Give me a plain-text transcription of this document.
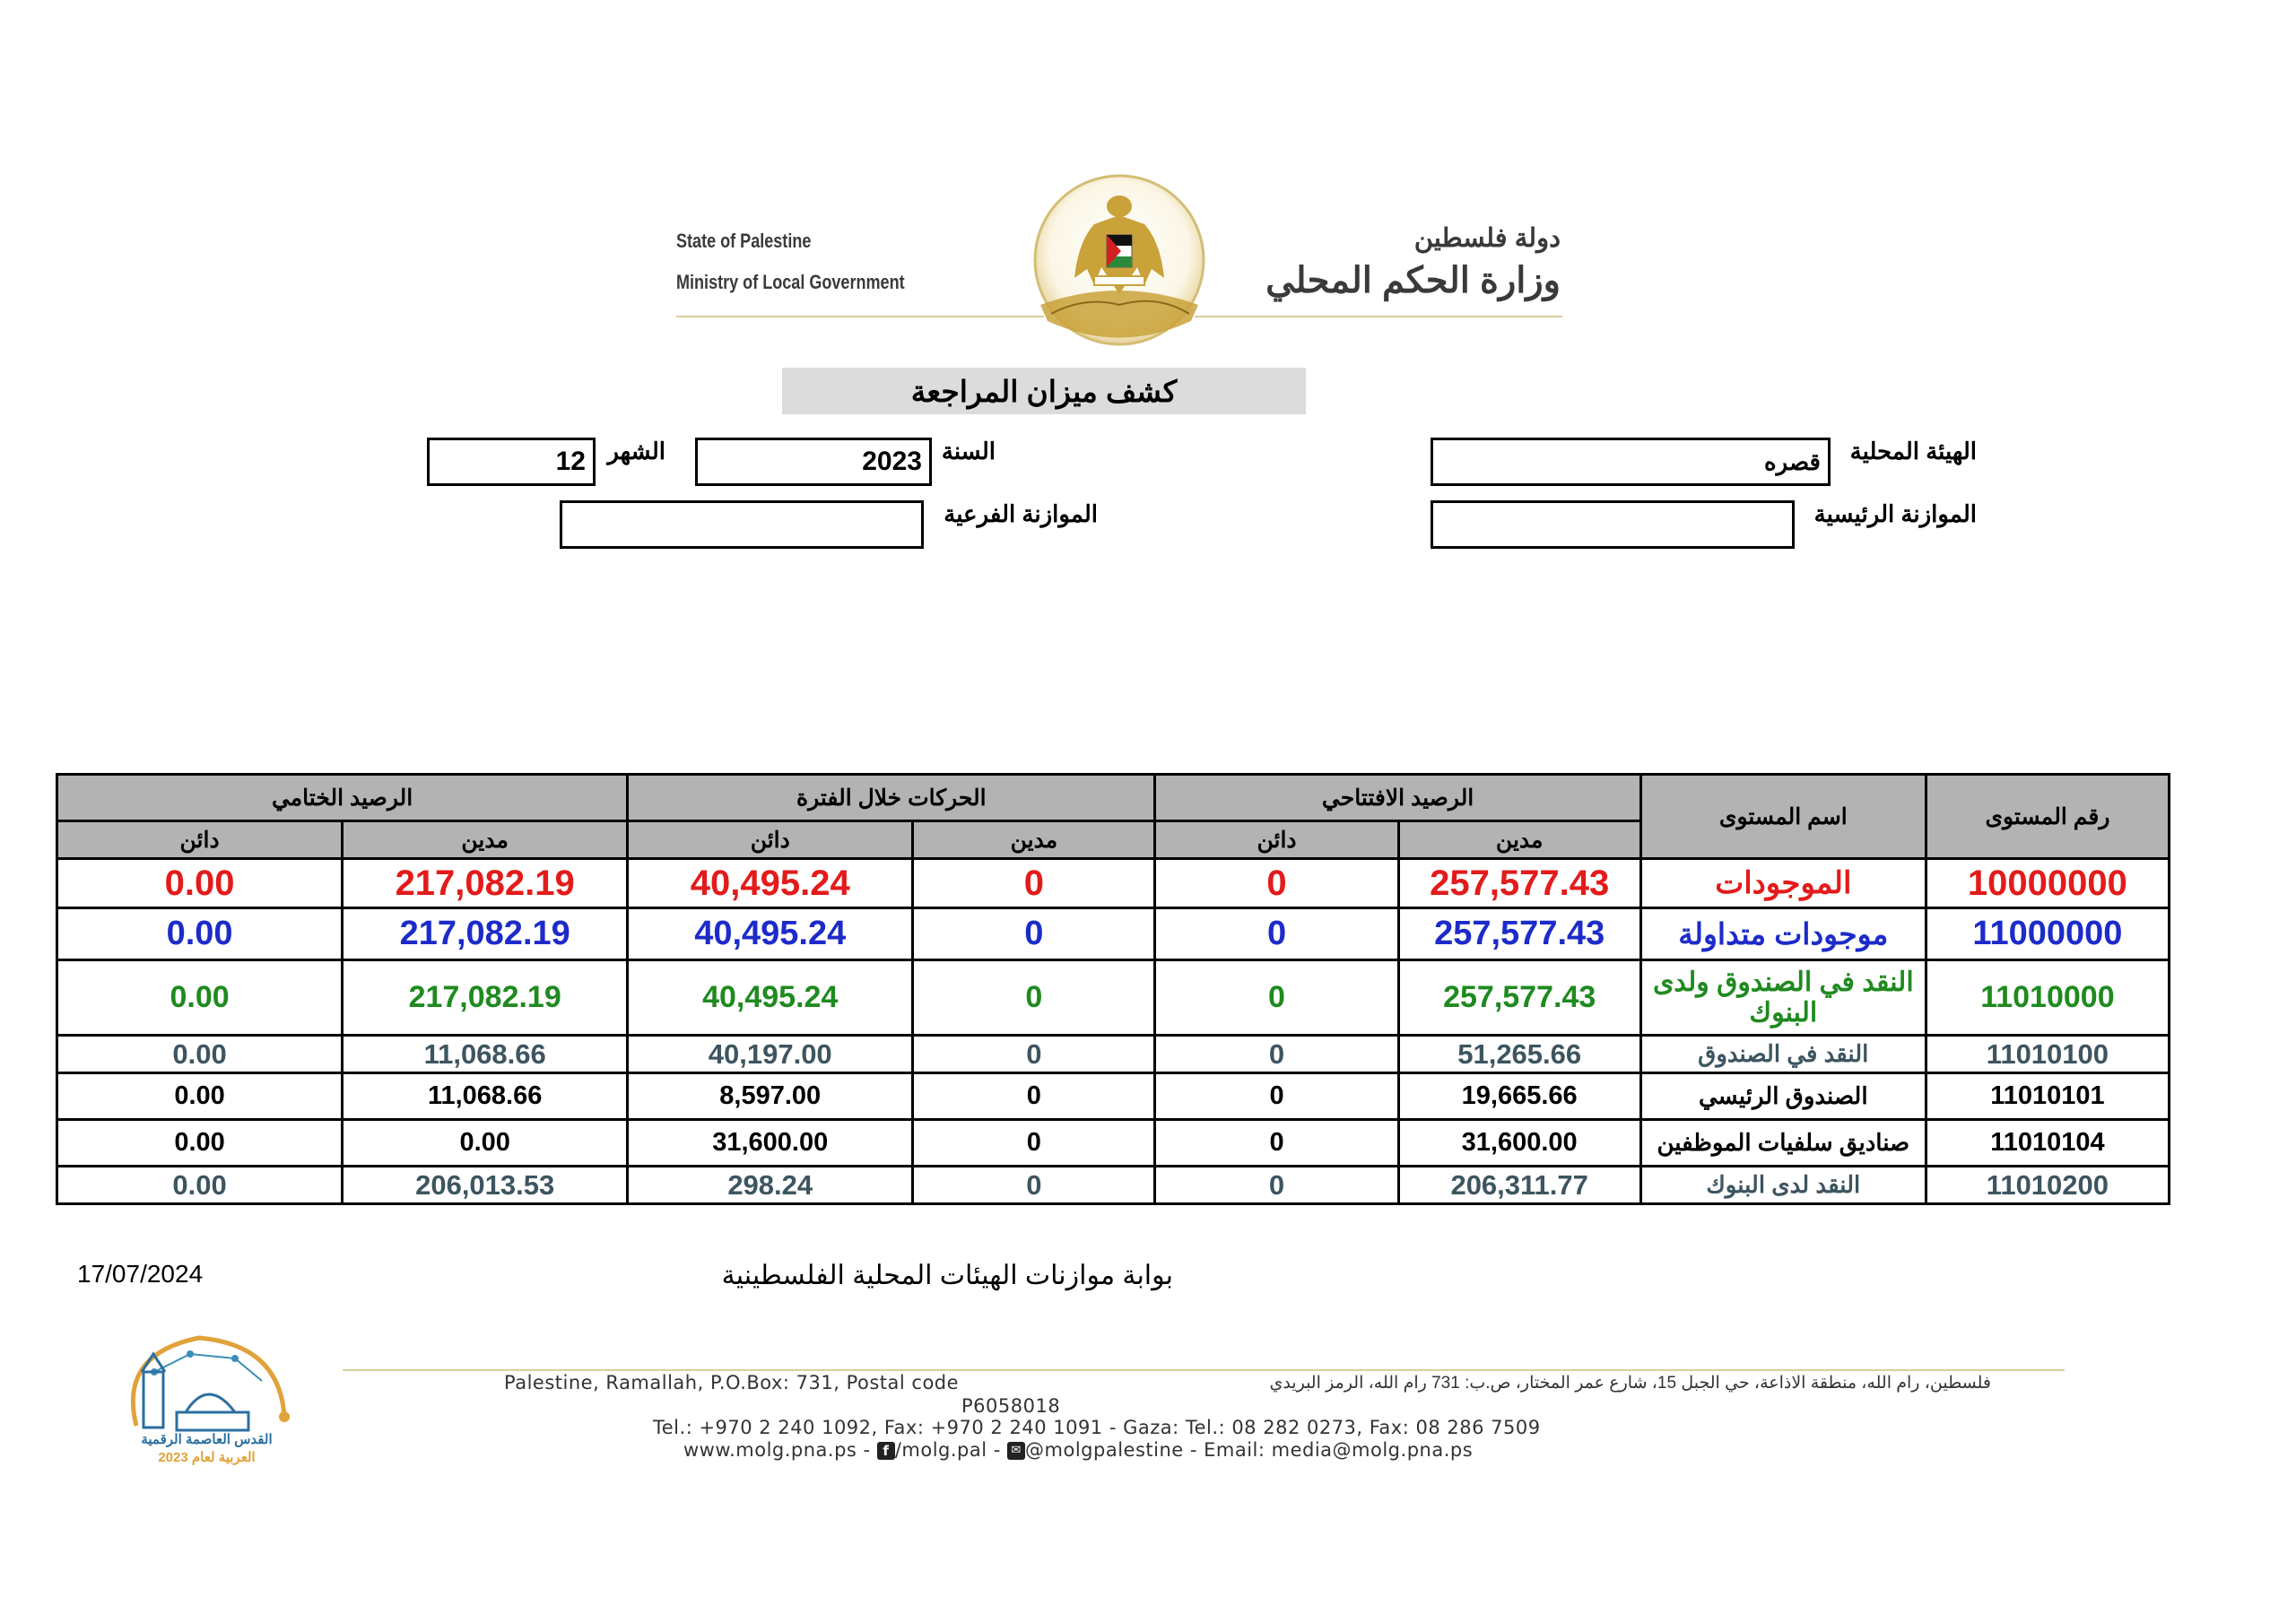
State of Palestine
Ministry of Local Government
دولة فلسطين
وزارة الحكم المحلي
كشف ميزان المراجعة
الهيئة المحلية
قصره
السنة
2023
الشهر
12
الموازنة الرئيسية
الموازنة الفرعية
رقم المستوى	اسم المستوى	الرصيد الافتتاحي		الحركات خلال الفترة		الرصيد الختامي	
		مدين	دائن	مدين	دائن	مدين	دائن
10000000	الموجودات	257,577.43	0	0	40,495.24	217,082.19	0.00
11000000	موجودات متداولة	257,577.43	0	0	40,495.24	217,082.19	0.00
11010000	النقد في الصندوق ولدى البنوك	257,577.43	0	0	40,495.24	217,082.19	0.00
11010100	النقد في الصندوق	51,265.66	0	0	40,197.00	11,068.66	0.00
11010101	الصندوق الرئيسي	19,665.66	0	0	8,597.00	11,068.66	0.00
11010104	صناديق سلفيات الموظفين	31,600.00	0	0	31,600.00	0.00	0.00
11010200	النقد لدى البنوك	206,311.77	0	0	298.24	206,013.53	0.00
17/07/2024	بوابة موازنات الهيئات المحلية الفلسطينية
القدس العاصمة الرقمية
العربية لعام 2023
Palestine, Ramallah, P.O.Box: 731, Postal code
P6058018
فلسطين، رام الله، منطقة الاذاعة، حي الجبل 15، شارع عمر المختار، ص.ب: 731 رام الله، الرمز البريدي
Tel.: +970 2 240 1092, Fax: +970 2 240 1091 - Gaza: Tel.: 08 282 0273, Fax: 08 286 7509
www.molg.pna.ps - f /molg.pal - ✉ @molgpalestine - Email: media@molg.pna.ps
